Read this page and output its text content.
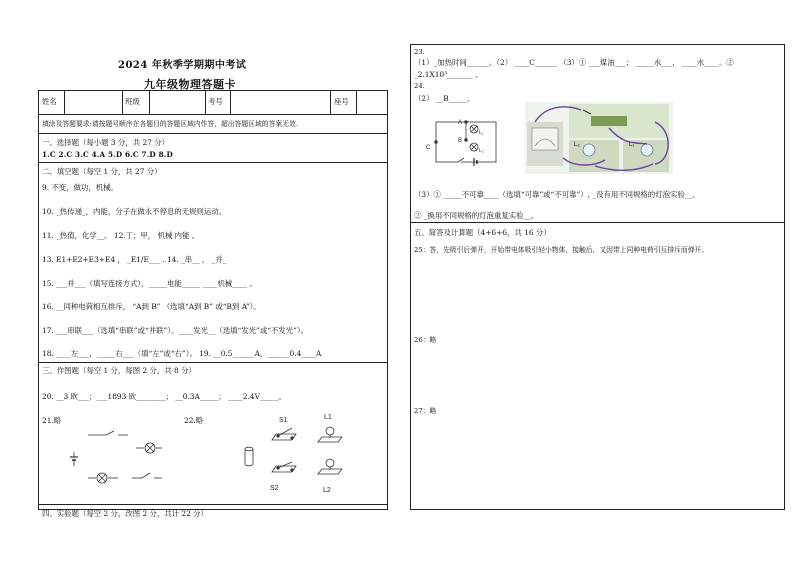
2024 年秋季学期期中考试
九年级物理答题卡
姓名	班级	考号	座号
填涂及答题要求:请按题号顺序在各题目的答题区域内作答，超出答题区域的答案无效.
一、选择题（每小题 3 分，共 27 分）
1.C 2.C 3.C 4.A 5.D 6.C 7.D 8.D
二、填空题（每空 1 分，共 27 分）
9. 不变，做功，机械。
10. _热传递_，内能，分子在做永不停息的无规则运动。
11. _热值，化学__。 12.丁；甲， 机械 内能 。
13. E1+E2+E3+E4 ， _E1/E___ . 14. _串__ ， _并_
15. ___并___（填写连接方式），_____电能_____ ____机械____ 。
16. __同种电荷相互排斥， “A到 B” （选填“A到 B” 或“B到 A”）。
17. ___串联___（选填“串联”或“并联”）。____发光__（选填“发光”或“不发光”）。
18. ____左___，_____右___（填“左”或“右”）。 19. __0.5______A，______0.4____A
三、作图题（每空 1 分，每图 2 分，共 8 分）
20. __3 欧___；___1893 欧________； __0.3A_____； ____2.4V_____。
21.略	22.略	S1	L1
S2	L2
四、实验题（每空 2 分，改图 2 分，共计 22 分）
23.
（1）_加热时间______。（2） ____C______ （3）① ___煤油___； _____水___， ____水____。②
_2.1X10³_______ 。
24.
（2） __B_____。
A
B
C
L₁
L₂
L₂	L₁
（3）① _____不可靠____（选填“可靠”或“不可靠”）, _没有用不同规格的灯泡实验__。
② _换用不同规格的灯泡重复实验__。
五、简答及计算题（4+6+6，共 16 分）
25：答，先吸引后弹开，开始带电体吸引轻小物体，接触后，又因带上同种电荷引互排斥而弹开。
26：略
27：略
